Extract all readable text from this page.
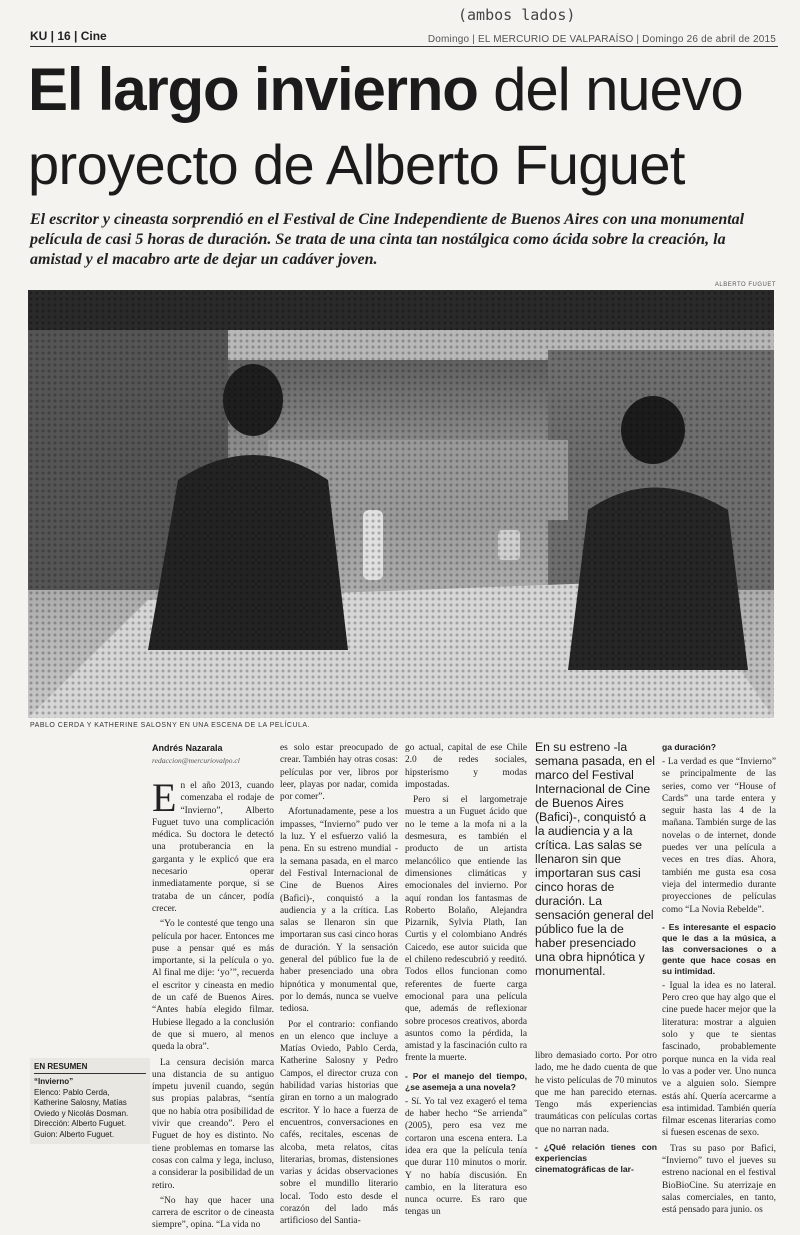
(ambos lados)
KU | 16 | Cine	Domingo | EL MERCURIO DE VALPARAÍSO | Domingo 26 de abril de 2015
El largo invierno del nuevo
proyecto de Alberto Fuguet
El escritor y cineasta sorprendió en el Festival de Cine Independiente de Buenos Aires con una monumental película de casi 5 horas de duración. Se trata de una cinta tan nostálgica como ácida sobre la creación, la amistad y el macabro arte de dejar un cadáver joven.
ALBERTO FUGUET
PABLO CERDA Y KATHERINE SALOSNY EN UNA ESCENA DE LA PELÍCULA.
Andrés Nazarala
redaccion@mercuriovalpo.cl

En el año 2013, cuando comenzaba el rodaje de “Invierno”, Alberto Fuguet tuvo una complicación médica. Su doctora le detectó una protuberancia en la garganta y le explicó que era necesario operar inmediatamente porque, si se trataba de un cáncer, podía crecer.

“Yo le contesté que tengo una película por hacer. Entonces me puse a pensar qué es más importante, si la película o yo. Al final me dije: ‘yo’”, recuerda el escritor y cineasta en medio de un café de Buenos Aires. “Antes había elegido filmar. Hubiese llegado a la conclusión de que si muero, al menos queda la obra”.

La censura decisión marca una distancia de su antiguo ímpetu juvenil cuando, según sus propias palabras, “sentía que no había otra posibilidad de vivir que creando”. Pero el Fuguet de hoy es distinto. No tiene problemas en tomarse las cosas con calma y lega, incluso, a considerar la posibilidad de un retiro.

“No hay que hacer una carrera de escritor o de cineasta siempre”, opina. “La vida no

es solo estar preocupado de crear. También hay otras cosas: películas por ver, libros por leer, playas por nadar, comida por comer”.

Afortunadamente, pese a los impasses, “Invierno” pudo ver la luz. Y el esfuerzo valió la pena. En su estreno mundial -la semana pasada, en el marco del Festival Internacional de Cine de Buenos Aires (Bafici)-, conquistó a la audiencia y a la crítica. Las salas se llenaron sin que importaran sus casi cinco horas de duración. Y la sensación general del público fue la de haber presenciado una obra hipnótica y monumental que, por lo demás, nunca se vuelve tediosa.

Por el contrario: confiando en un elenco que incluye a Matías Oviedo, Pablo Cerda, Katherine Salosny y Pedro Campos, el director cruza con habilidad varias historias que giran en torno a un malogrado escritor. Y lo hace a fuerza de encuentros, conversaciones en cafés, recitales, escenas de alcoba, meta relatos, citas literarias, bromas, distensiones varias y ácidas observaciones sobre el mundillo literario local. Todo esto desde el corazón del lado más artificioso del Santia-

go actual, capital de ese Chile 2.0 de redes sociales, hipsterismo y modas impostadas.

Pero si el largometraje muestra a un Fuguet ácido que no le teme a la mofa ni a la desmesura, es también el producto de un artista melancólico que entiende las dimensiones climáticas y emocionales del invierno. Por aquí rondan los fantasmas de Roberto Bolaño, Alejandra Pizarnik, Sylvia Plath, Ian Curtis y el colombiano Andrés Caicedo, ese autor suicida que el chileno redescubrió y reeditó. Todos ellos funcionan como referentes de fuerte carga emocional para una película que, además de reflexionar sobre procesos creativos, aborda asuntos como la pérdida, la amistad y la fascinación culto ra frente la muerte.

- Por el manejo del tiempo, ¿se asemeja a una novela?

- Sí. Yo tal vez exageró el tema de haber hecho “Se arrienda” (2005), pero esa vez me cortaron una escena entera. La idea era que la película tenía que durar 110 minutos o morir. Y no había discusión. En cambio, en la literatura eso nunca ocurre. Es raro que tengas un

En su estreno -la semana pasada, en el marco del Festival Internacional de Cine de Buenos Aires (Bafici)-, conquistó a la audiencia y a la crítica. Las salas se llenaron sin que importaran sus casi cinco horas de duración. La sensación general del público fue la de haber presenciado una obra hipnótica y monumental.

libro demasiado corto. Por otro lado, me he dado cuenta de que he visto películas de 70 minutos que me han parecido eternas. Tengo más experiencias traumáticas con películas cortas que no narran nada.

- ¿Qué relación tienes con experiencias cinematográficas de lar-
ga duración?

- La verdad es que “Invierno” se principalmente de las series, como ver “House of Cards” una tarde entera y seguir hasta las 4 de la mañana. También surge de las novelas o de internet, donde puedes ver una película a veces en tres días. Ahora, también me gusta esa cosa vieja del intermedio durante proyecciones de películas como “La Novia Rebelde”.

- Es interesante el espacio que le das a la música, a las conversaciones o a gente que hace cosas en su intimidad.

- Igual la idea es no lateral. Pero creo que hay algo que el cine puede hacer mejor que la literatura: mostrar a alguien solo y que te sientas fascinado, probablemente porque nunca en la vida real lo vas a poder ver. Uno nunca ve a alguien solo. Siempre estás ahí. Quería acercarme a esa intimidad. También quería filmar escenas literarias como si fuesen escenas de sexo.

Tras su paso por Bafici, “Invierno” tuvo el jueves su estreno nacional en el festival BioBioCine. Su aterrizaje en salas comerciales, en tanto, está pensado para junio. os

EN RESUMEN
“Invierno”
Elenco: Pablo Cerda, Katherine Salosny, Matías Oviedo y Nicolás Dosman.
Dirección: Alberto Fuguet.
Guion: Alberto Fuguet.
